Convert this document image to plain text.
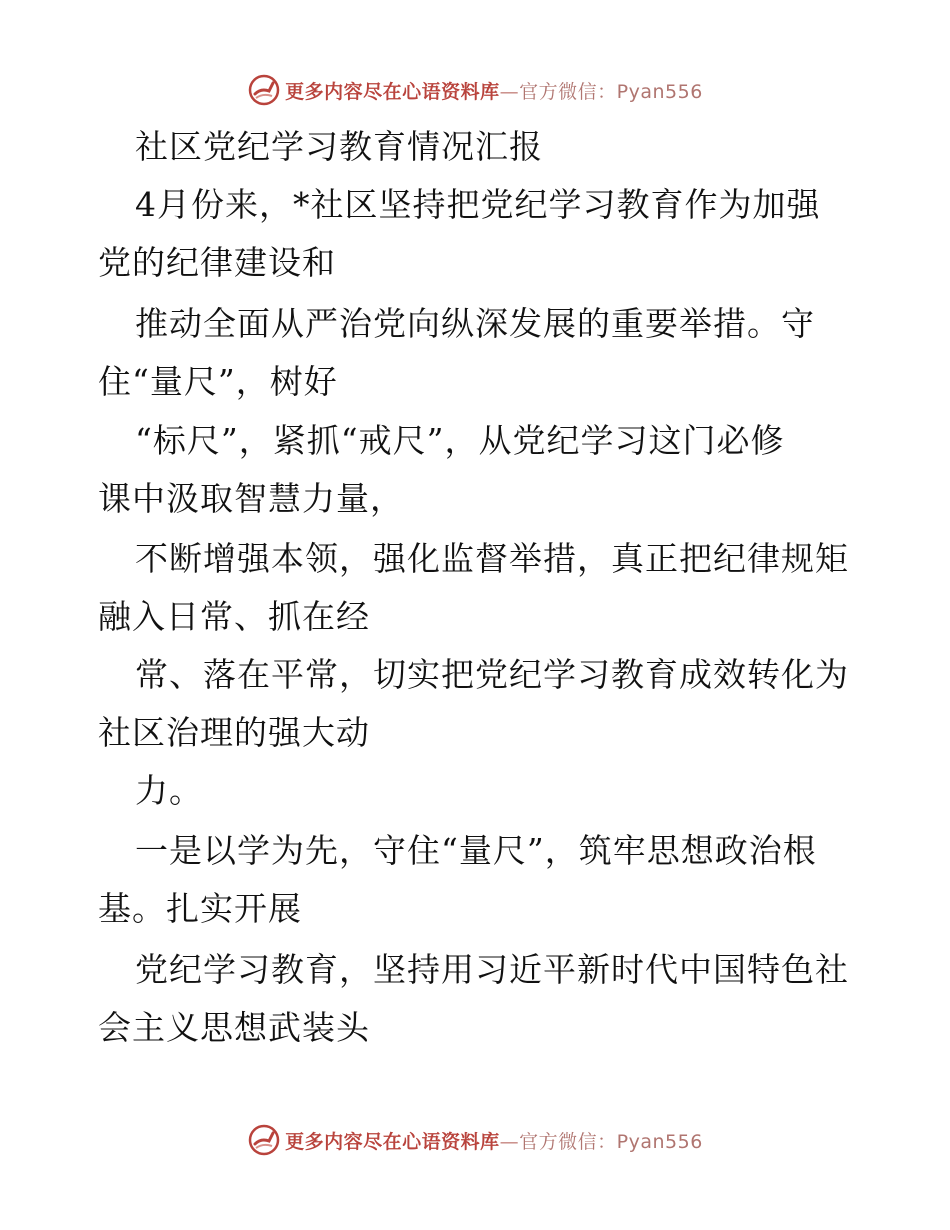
更多内容尽在心语资料库—官方微信：Pyan556
社区党纪学习教育情况汇报
4月份来，*社区坚持把党纪学习教育作为加强
党的纪律建设和
推动全面从严治党向纵深发展的重要举措。守
住“量尺”，树好
“标尺”，紧抓“戒尺”，从党纪学习这门必修
课中汲取智慧力量，
不断增强本领，强化监督举措，真正把纪律规矩
融入日常、抓在经
常、落在平常，切实把党纪学习教育成效转化为
社区治理的强大动
力。
一是以学为先，守住“量尺”，筑牢思想政治根
基。扎实开展
党纪学习教育，坚持用习近平新时代中国特色社
会主义思想武装头
更多内容尽在心语资料库—官方微信：Pyan556
